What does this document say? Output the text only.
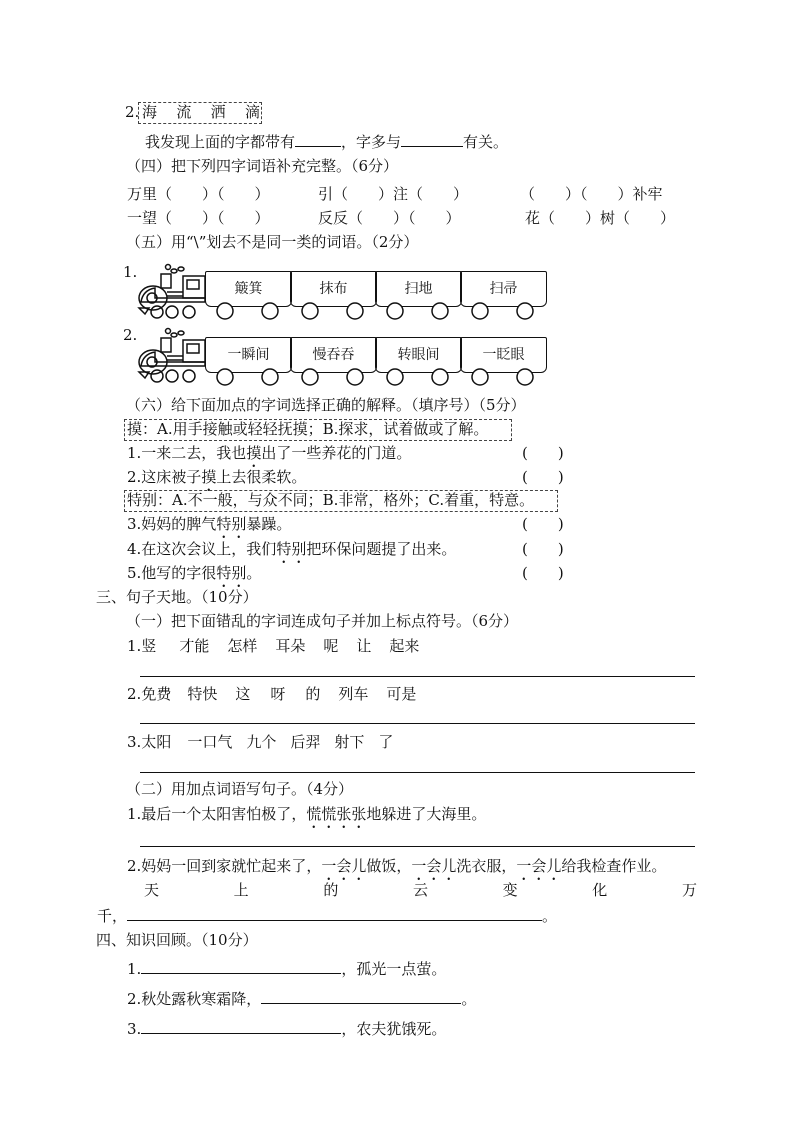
2. 海 流 洒 滴
我发现上面的字都带有	，字多与	有关。
（四）把下列四字词语补充完整。（6分）
万里（　　）（　　）	引（　　）注（　　）	（　　）（　　）补牢
一望（　　）（　　）	反反（　　）（　　）	花（　　）树（　　）
（五）用“\”划去不是同一类的词语。（2分）
1.
簸箕	抹布	扫地	扫帚
2.
一瞬间	慢吞吞	转眼间	一眨眼
（六）给下面加点的字词选择正确的解释。（填序号）（5分）
摸：A.用手接触或轻轻抚摸；B.探求，试着做或了解。
1.一来二去，我也摸出了一些养花的门道。	(　　)
2.这床被子摸上去很柔软。	(　　)
特别：A.不一般，与众不同；B.非常，格外；C.着重，特意。
3.妈妈的脾气特别暴躁。	(　　)
4.在这次会议上，我们特别把环保问题提了出来。	(　　)
5.他写的字很特别。	(　　)
三、句子天地。（10分）
（一）把下面错乱的字词连成句子并加上标点符号。（6分）
1.竖 才能 怎样 耳朵 呢 让 起来
2.免费 特快 这 呀 的 列车 可是
3.太阳 一口气 九个 后羿 射下 了
（二）用加点词语写句子。（4分）
1.最后一个太阳害怕极了，慌慌张张地躲进了大海里。
2.妈妈一回到家就忙起来了，一会儿做饭，一会儿洗衣服，一会儿给我检查作业。
天	上	的	云	变	化	万
千，	。
四、知识回顾。（10分）
1.	，孤光一点萤。
2.秋处露秋寒霜降，	。
3.	，农夫犹饿死。
